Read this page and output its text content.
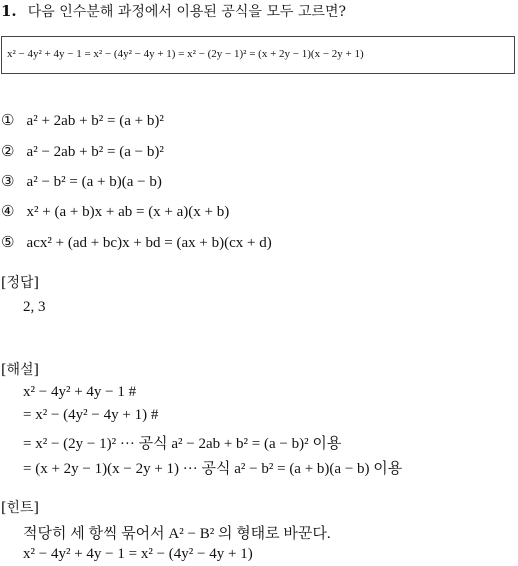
1. 다음 인수분해 과정에서 이용된 공식을 모두 고르면?
x² − 4y² + 4y − 1 = x² − (4y² − 4y + 1) = x² − (2y − 1)² = (x + 2y − 1)(x − 2y + 1)
① a² + 2ab + b² = (a + b)²
② a² − 2ab + b² = (a − b)²
③ a² − b² = (a + b)(a − b)
④ x² + (a + b)x + ab = (x + a)(x + b)
⑤ acx² + (ad + bc)x + bd = (ax + b)(cx + d)
[정답]
2, 3
[해설]
x² − 4y² + 4y − 1 #
= x² − (4y² − 4y + 1) #
= x² − (2y − 1)² ··· 공식 a² − 2ab + b² = (a − b)² 이용
= (x + 2y − 1)(x − 2y + 1) ··· 공식 a² − b² = (a + b)(a − b) 이용
[힌트]
적당히 세 항씩 묶어서 A² − B² 의 형태로 바꾼다.
x² − 4y² + 4y − 1 = x² − (4y² − 4y + 1)
